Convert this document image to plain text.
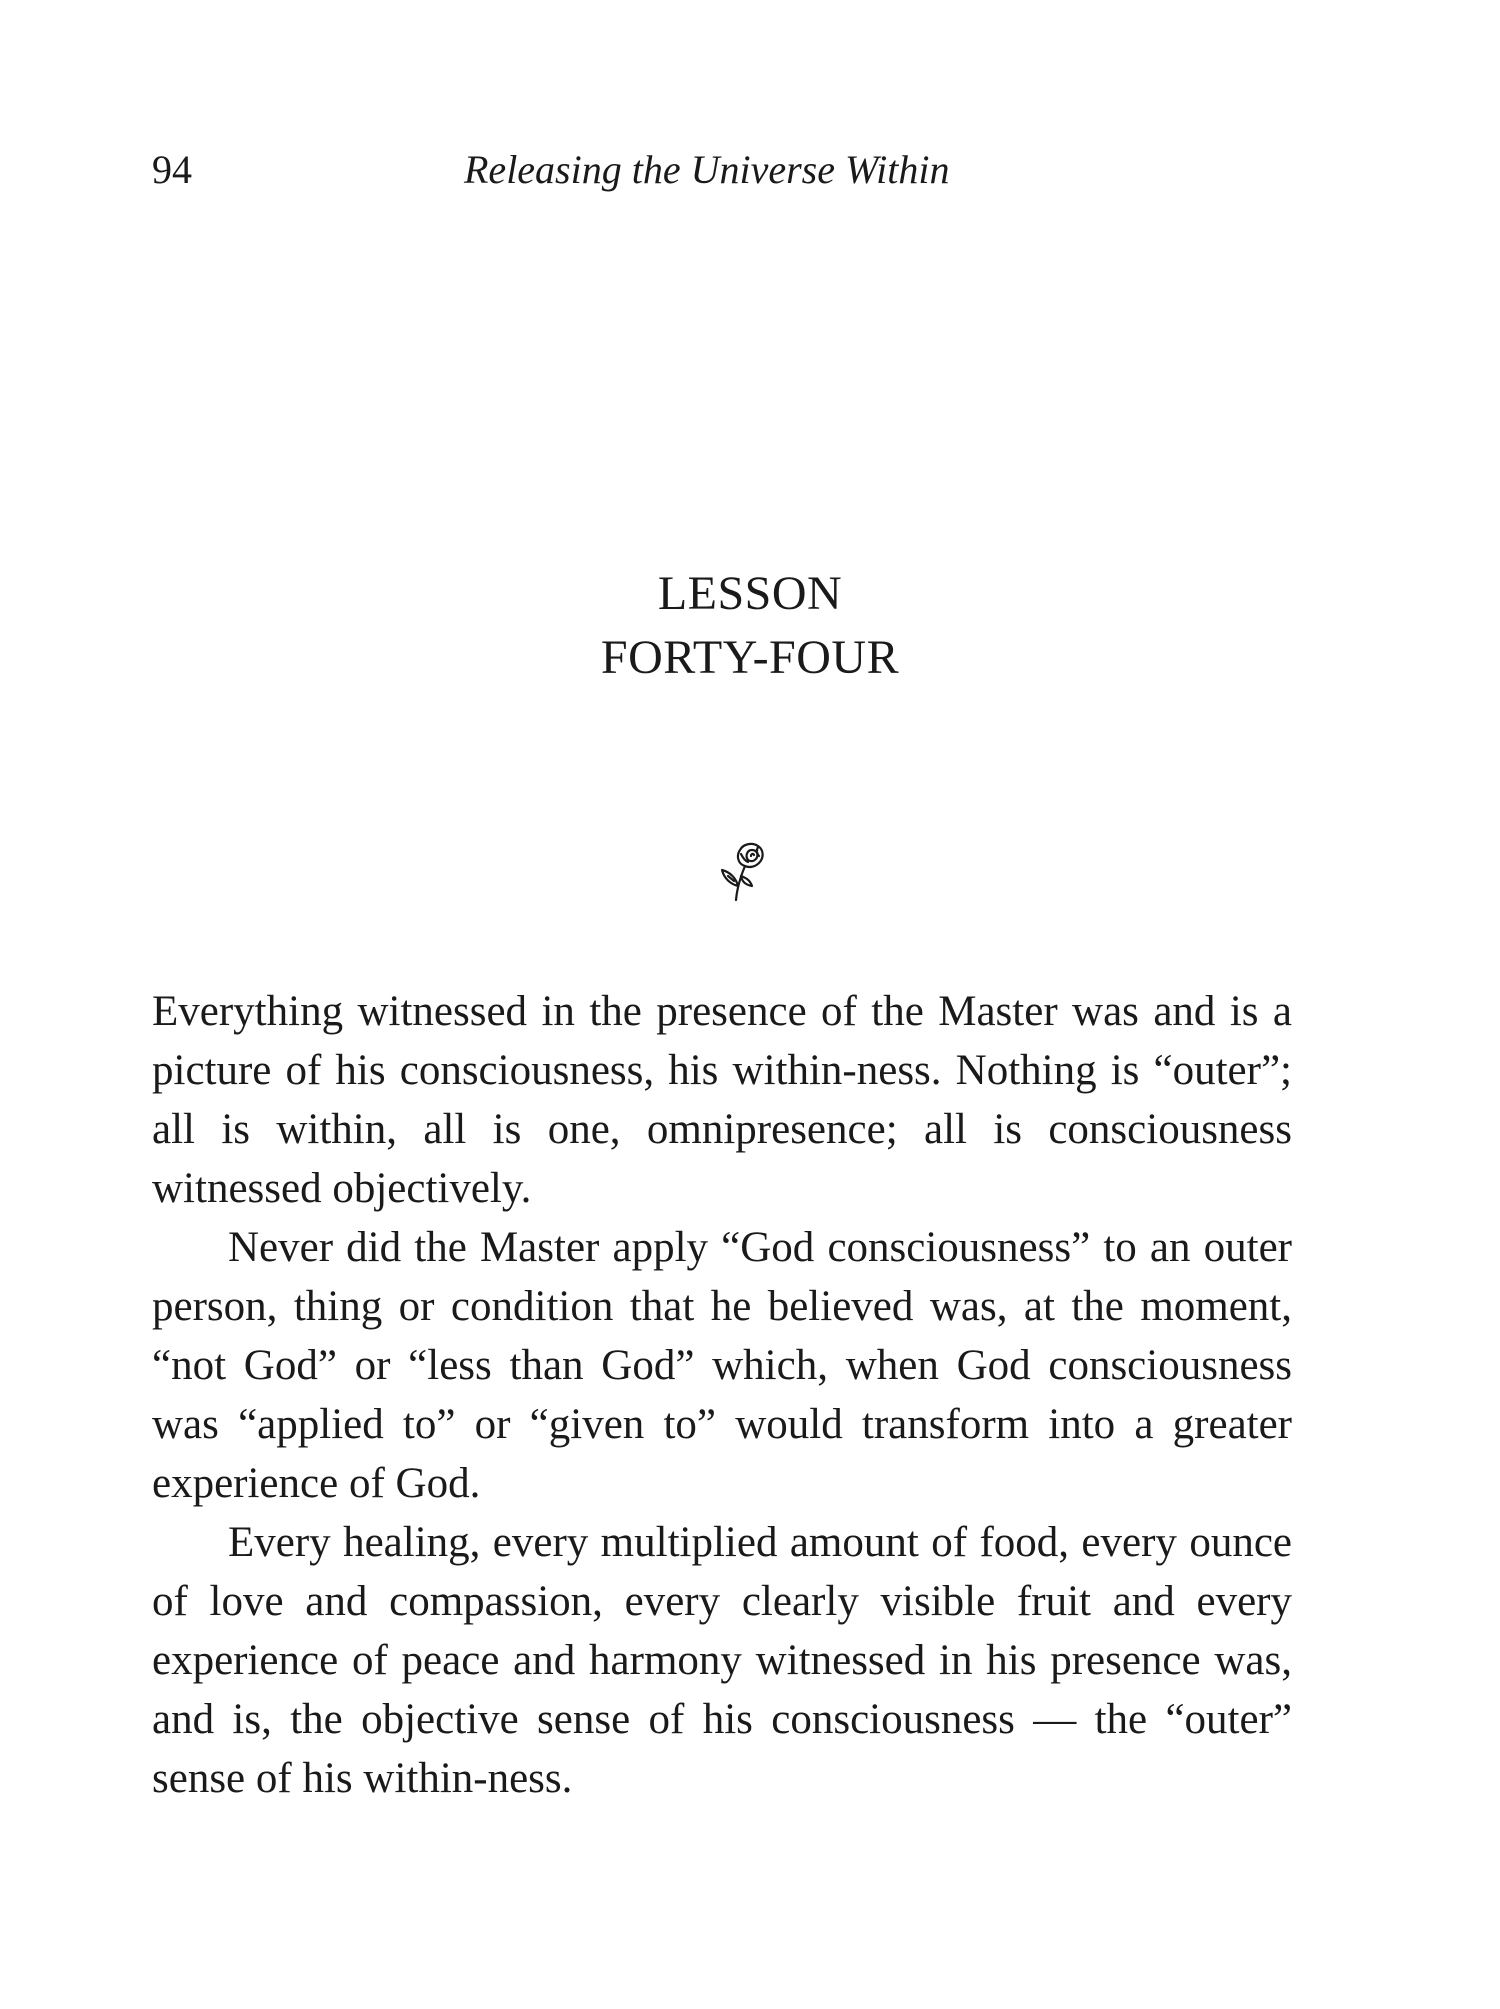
94	Releasing the Universe Within
LESSON
FORTY-FOUR

Everything witnessed in the presence of the Master was and is a picture of his consciousness, his within-ness. Nothing is “outer”; all is within, all is one, omnipresence; all is consciousness witnessed objectively.

Never did the Master apply “God consciousness” to an outer person, thing or condition that he believed was, at the moment, “not God” or “less than God” which, when God consciousness was “applied to” or “given to” would transform into a greater experience of God.

Every healing, every multiplied amount of food, every ounce of love and compassion, every clearly visible fruit and every experience of peace and harmony witnessed in his presence was, and is, the objective sense of his consciousness — the “outer” sense of his within-ness.
